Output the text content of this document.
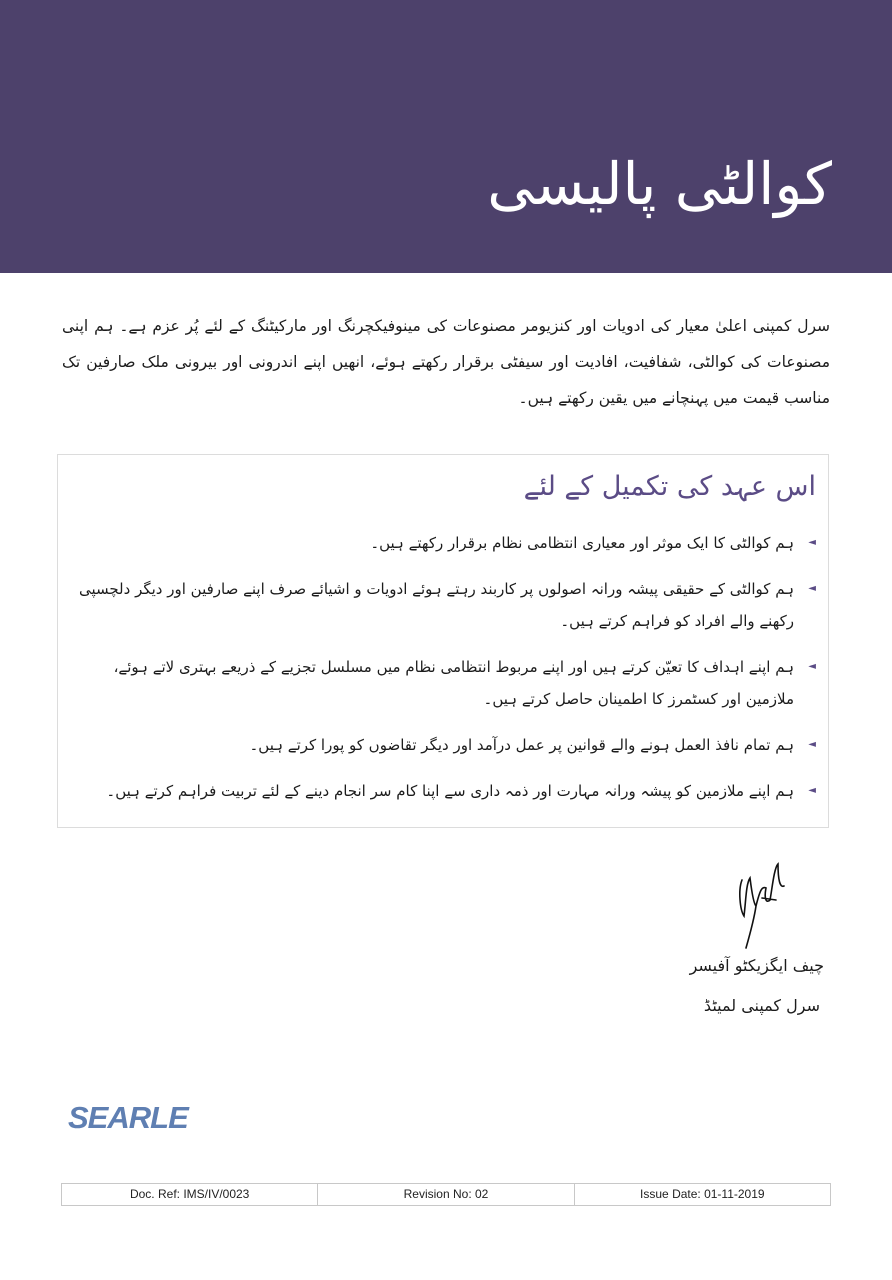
کوالٹی پالیسی

سرل کمپنی اعلیٰ معیار کی ادویات اور کنزیومر مصنوعات کی مینوفیکچرنگ اور مارکیٹنگ کے لئے پُر عزم ہے۔ ہم اپنی مصنوعات کی کوالٹی، شفافیت، افادیت اور سیفٹی برقرار رکھتے ہوئے، انھیں اپنے اندرونی اور بیرونی ملک صارفین تک مناسب قیمت میں پہنچانے میں یقین رکھتے ہیں۔

اس عہد کی تکمیل کے لئے
◄ ہم کوالٹی کا ایک موثر اور معیاری انتظامی نظام برقرار رکھتے ہیں۔
◄ ہم کوالٹی کے حقیقی پیشہ ورانہ اصولوں پر کاربند رہتے ہوئے ادویات و اشیائے صرف اپنے صارفین اور دیگر دلچسپی رکھنے والے افراد کو فراہم کرتے ہیں۔
◄ ہم اپنے اہداف کا تعیّن کرتے ہیں اور اپنے مربوط انتظامی نظام میں مسلسل تجزیے کے ذریعے بہتری لاتے ہوئے، ملازمین اور کسٹمرز کا اطمینان حاصل کرتے ہیں۔
◄ ہم تمام نافذ العمل ہونے والے قوانین پر عمل درآمد اور دیگر تقاضوں کو پورا کرتے ہیں۔
◄ ہم اپنے ملازمین کو پیشہ ورانہ مہارت اور ذمہ داری سے اپنا کام سر انجام دینے کے لئے تربیت فراہم کرتے ہیں۔

چیف ایگزیکٹو آفیسر

سرل کمپنی لمیٹڈ

SEARLE
Doc. Ref: IMS/IV/0023	Revision No: 02	Issue Date: 01-11-2019
